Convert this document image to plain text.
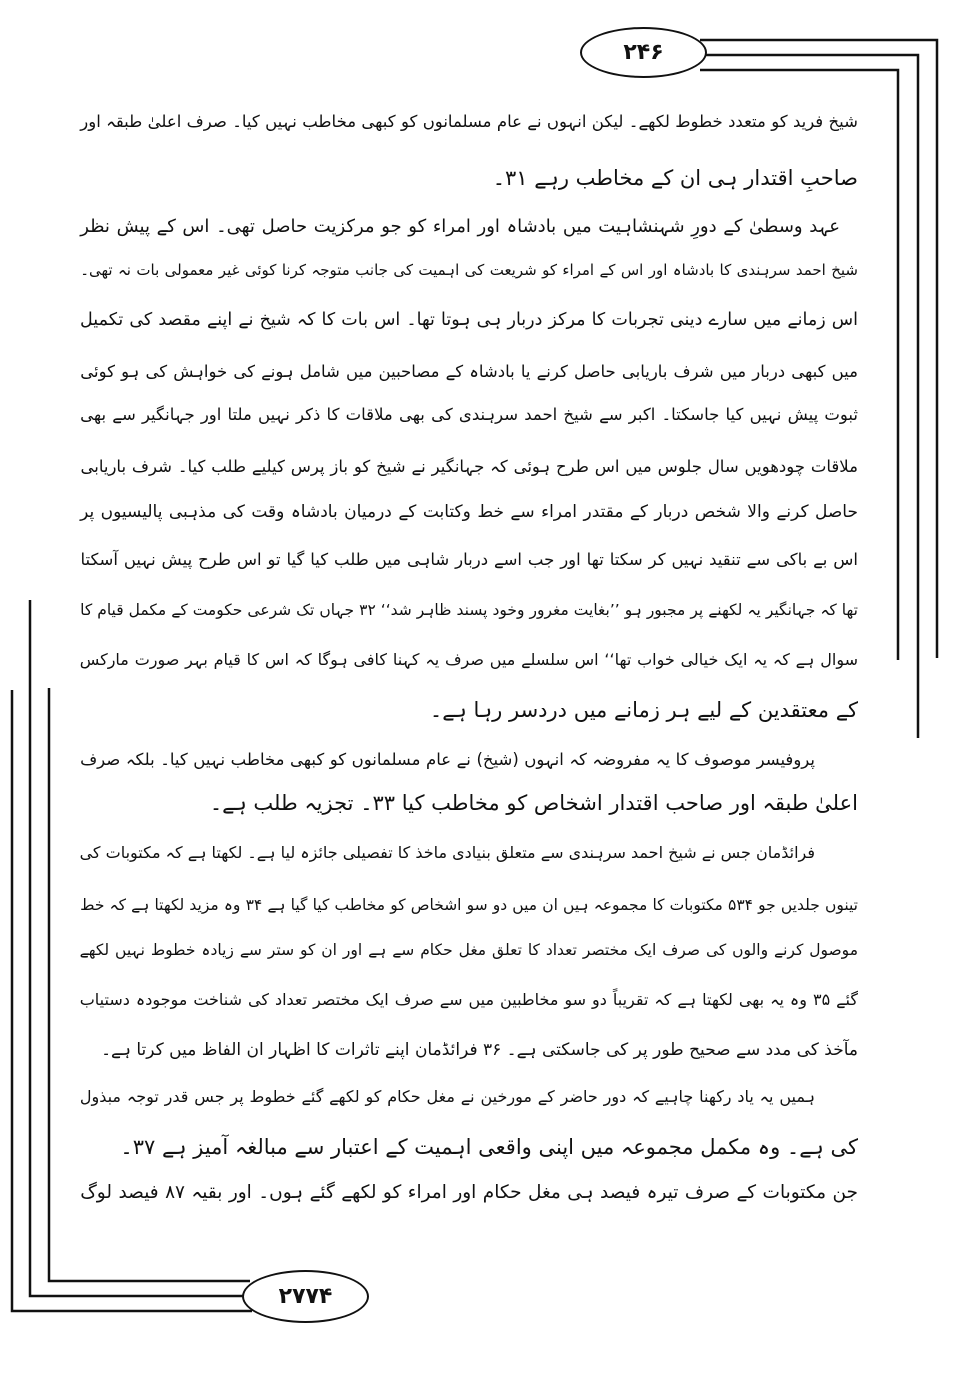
۲۴۶
۲۷۷۴
شیخ فرید کو متعدد خطوط لکھے۔ لیکن انہوں نے عام مسلمانوں کو کبھی مخاطب نہیں کیا۔ صرف اعلیٰ طبقہ اور
صاحبِ اقتدار ہی ان کے مخاطب رہے ۳۱۔
عہد وسطیٰ کے دورِ شہنشاہیت میں بادشاہ اور امراء کو جو مرکزیت حاصل تھی۔ اس کے پیش نظر
شیخ احمد سرہندی کا بادشاہ اور اس کے امراء کو شریعت کی اہمیت کی جانب متوجہ کرنا کوئی غیر معمولی بات نہ تھی۔
اس زمانے میں سارے دینی تجربات کا مرکز دربار ہی ہوتا تھا۔ اس بات کا کہ شیخ نے اپنے مقصد کی تکمیل
میں کبھی دربار میں شرف باریابی حاصل کرنے یا بادشاہ کے مصاحبین میں شامل ہونے کی خواہش کی ہو کوئی
ثبوت پیش نہیں کیا جاسکتا۔ اکبر سے شیخ احمد سرہندی کی بھی ملاقات کا ذکر نہیں ملتا اور جہانگیر سے بھی
ملاقات چودھویں سال جلوس میں اس طرح ہوئی کہ جہانگیر نے شیخ کو باز پرس کیلیے طلب کیا۔ شرف باریابی
حاصل کرنے والا شخص دربار کے مقتدر امراء سے خط وکتابت کے درمیان بادشاہ وقت کی مذہبی پالیسیوں پر
اس بے باکی سے تنقید نہیں کر سکتا تھا اور جب اسے دربار شاہی میں طلب کیا گیا تو اس طرح پیش نہیں آسکتا
تھا کہ جہانگیر یہ لکھنے پر مجبور ہو ’’بغایت مغرور وخود پسند ظاہر شد‘‘ ۳۲ جہاں تک شرعی حکومت کے مکمل قیام کا
سوال ہے کہ یہ ایک خیالی خواب تھا‘‘ اس سلسلے میں صرف یہ کہنا کافی ہوگا کہ اس کا قیام بہر صورت مارکس
کے معتقدین کے لیے ہر زمانے میں دردسر رہا ہے۔
پروفیسر موصوف کا یہ مفروضہ کہ انہوں (شیخ) نے عام مسلمانوں کو کبھی مخاطب نہیں کیا۔ بلکہ صرف
اعلیٰ طبقہ اور صاحب اقتدار اشخاص کو مخاطب کیا ۳۳۔ تجزیہ طلب ہے۔
فرائڈمان جس نے شیخ احمد سرہندی سے متعلق بنیادی ماخذ کا تفصیلی جائزہ لیا ہے۔ لکھتا ہے کہ مکتوبات کی
تینوں جلدیں جو ۵۳۴ مکتوبات کا مجموعہ ہیں ان میں دو سو اشخاص کو مخاطب کیا گیا ہے ۳۴ وہ مزید لکھتا ہے کہ خط
موصول کرنے والوں کی صرف ایک مختصر تعداد کا تعلق مغل حکام سے ہے اور ان کو ستر سے زیادہ خطوط نہیں لکھے
گئے ۳۵ وہ یہ بھی لکھتا ہے کہ تقریباً دو سو مخاطبین میں سے صرف ایک مختصر تعداد کی شناخت موجودہ دستیاب
مآخذ کی مدد سے صحیح طور پر کی جاسکتی ہے۔ ۳۶ فرائڈمان اپنے تاثرات کا اظہار ان الفاظ میں کرتا ہے۔
ہمیں یہ یاد رکھنا چاہیے کہ دور حاضر کے مورخین نے مغل حکام کو لکھے گئے خطوط پر جس قدر توجہ مبذول
کی ہے۔ وہ مکمل مجموعہ میں اپنی واقعی اہمیت کے اعتبار سے مبالغہ آمیز ہے ۳۷۔
جن مکتوبات کے صرف تیرہ فیصد ہی مغل حکام اور امراء کو لکھے گئے ہوں۔ اور بقیہ ۸۷ فیصد لوگ
